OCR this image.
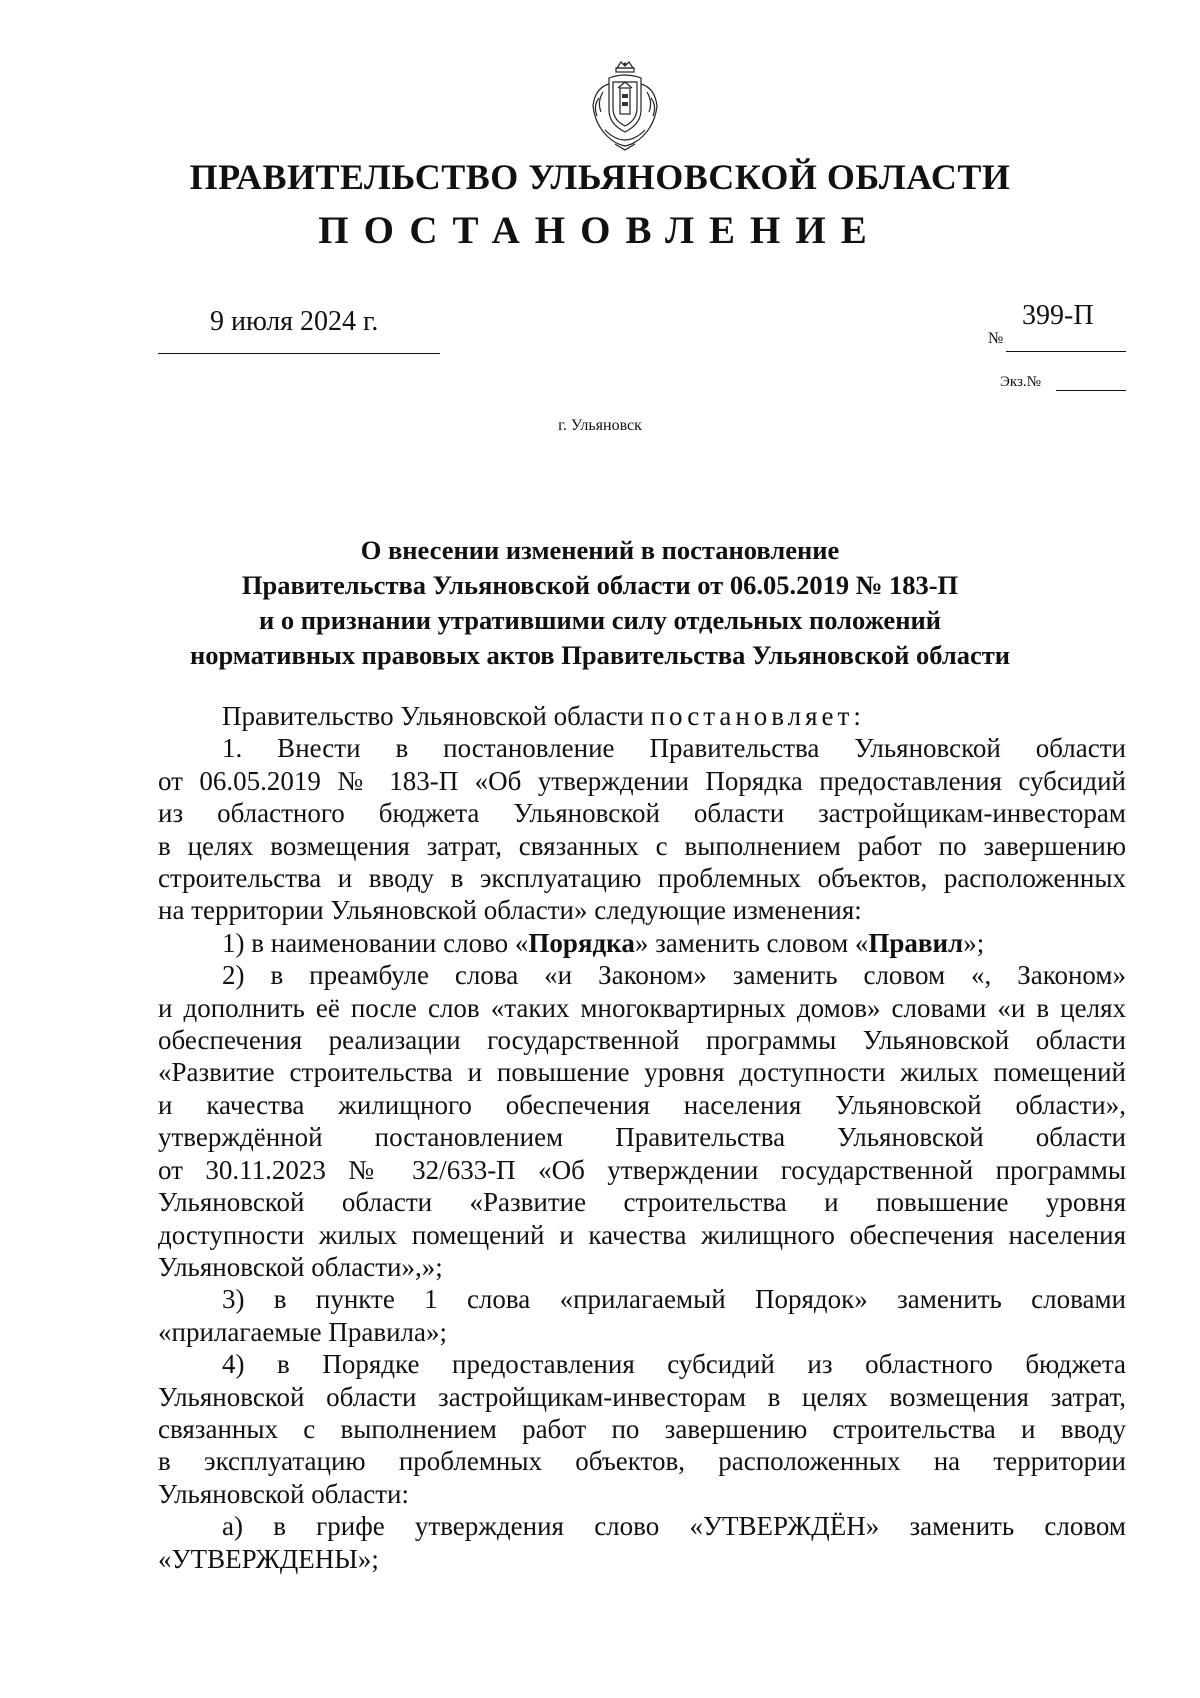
ПРАВИТЕЛЬСТВО УЛЬЯНОВСКОЙ ОБЛАСТИ
ПОСТАНОВЛЕНИЕ
9 июля 2024 г.	399-П
№
Экз.№
г. Ульяновск
О внесении изменений в постановление
Правительства Ульяновской области от 06.05.2019 № 183-П
и о признании утратившими силу отдельных положений
нормативных правовых актов Правительства Ульяновской области
Правительство Ульяновской области постановляет:
1. Внести в постановление Правительства Ульяновской области
от 06.05.2019 № 183-П «Об утверждении Порядка предоставления субсидий
из областного бюджета Ульяновской области застройщикам-инвесторам
в целях возмещения затрат, связанных с выполнением работ по завершению
строительства и вводу в эксплуатацию проблемных объектов, расположенных
на территории Ульяновской области» следующие изменения:
1) в наименовании слово «Порядка» заменить словом «Правил»;
2) в преамбуле слова «и Законом» заменить словом «, Законом»
и дополнить её после слов «таких многоквартирных домов» словами «и в целях
обеспечения реализации государственной программы Ульяновской области
«Развитие строительства и повышение уровня доступности жилых помещений
и качества жилищного обеспечения населения Ульяновской области»,
утверждённой постановлением Правительства Ульяновской области
от 30.11.2023 № 32/633-П «Об утверждении государственной программы
Ульяновской области «Развитие строительства и повышение уровня
доступности жилых помещений и качества жилищного обеспечения населения
Ульяновской области»,»;
3) в пункте 1 слова «прилагаемый Порядок» заменить словами
«прилагаемые Правила»;
4) в Порядке предоставления субсидий из областного бюджета
Ульяновской области застройщикам-инвесторам в целях возмещения затрат,
связанных с выполнением работ по завершению строительства и вводу
в эксплуатацию проблемных объектов, расположенных на территории
Ульяновской области:
а) в грифе утверждения слово «УТВЕРЖДЁН» заменить словом
«УТВЕРЖДЕНЫ»;
